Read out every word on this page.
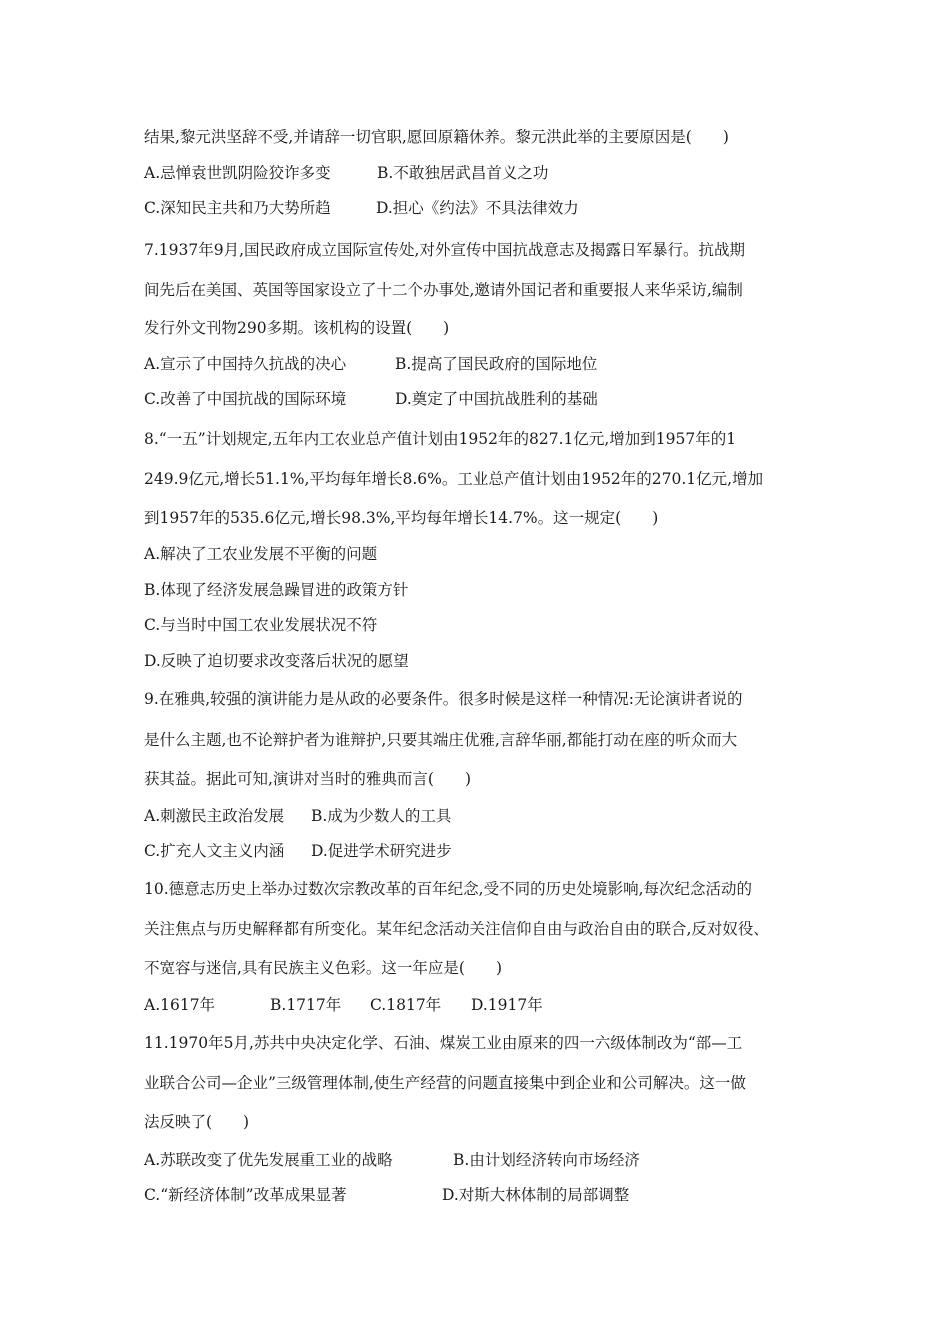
结果,黎元洪坚辞不受,并请辞一切官职,愿回原籍休养。黎元洪此举的主要原因是(　　)
A.忌惮袁世凯阴险狡诈多变	B.不敢独居武昌首义之功
C.深知民主共和乃大势所趋	D.担心《约法》不具法律效力
7.1937年9月,国民政府成立国际宣传处,对外宣传中国抗战意志及揭露日军暴行。抗战期
间先后在美国、英国等国家设立了十二个办事处,邀请外国记者和重要报人来华采访,编制
发行外文刊物290多期。该机构的设置(　　)
A.宣示了中国持久抗战的决心	B.提高了国民政府的国际地位
C.改善了中国抗战的国际环境	D.奠定了中国抗战胜利的基础
8.“一五”计划规定,五年内工农业总产值计划由1952年的827.1亿元,增加到1957年的1
249.9亿元,增长51.1%,平均每年增长8.6%。工业总产值计划由1952年的270.1亿元,增加
到1957年的535.6亿元,增长98.3%,平均每年增长14.7%。这一规定(　　)
A.解决了工农业发展不平衡的问题
B.体现了经济发展急躁冒进的政策方针
C.与当时中国工农业发展状况不符
D.反映了迫切要求改变落后状况的愿望
9.在雅典,较强的演讲能力是从政的必要条件。很多时候是这样一种情况:无论演讲者说的
是什么主题,也不论辩护者为谁辩护,只要其端庄优雅,言辞华丽,都能打动在座的听众而大
获其益。据此可知,演讲对当时的雅典而言(　　)
A.刺激民主政治发展 B.成为少数人的工具
C.扩充人文主义内涵 D.促进学术研究进步
10.德意志历史上举办过数次宗教改革的百年纪念,受不同的历史处境影响,每次纪念活动的
关注焦点与历史解释都有所变化。某年纪念活动关注信仰自由与政治自由的联合,反对奴役、
不宽容与迷信,具有民族主义色彩。这一年应是(　　)
A.1617年	B.1717年 C.1817年 D.1917年
11.1970年5月,苏共中央决定化学、石油、煤炭工业由原来的四一六级体制改为“部—工
业联合公司—企业”三级管理体制,使生产经营的问题直接集中到企业和公司解决。这一做
法反映了(　　)
A.苏联改变了优先发展重工业的战略	B.由计划经济转向市场经济
C.“新经济体制”改革成果显著	D.对斯大林体制的局部调整
